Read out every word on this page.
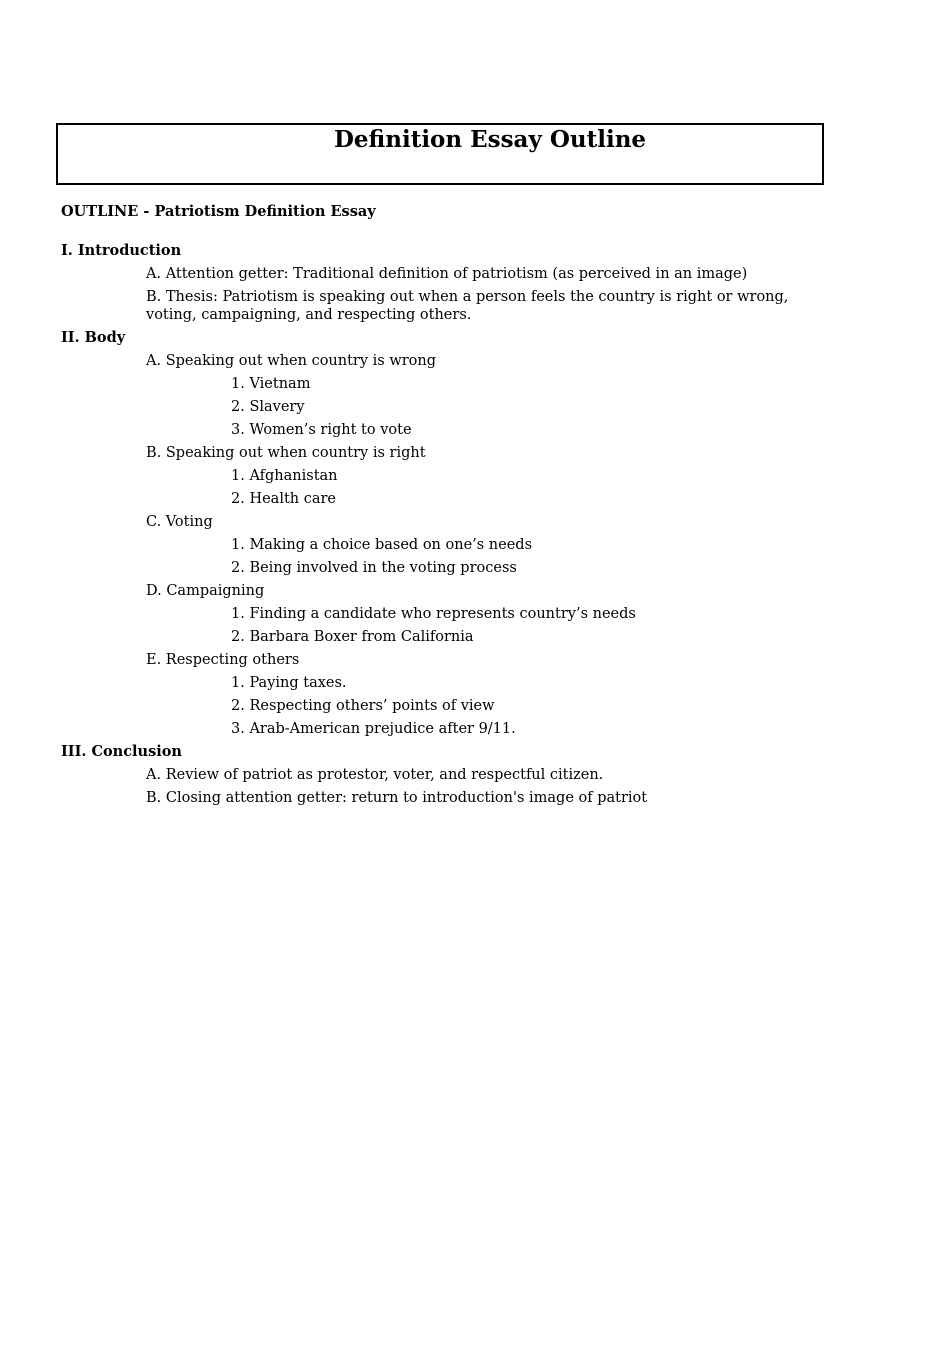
Definition Essay Outline
OUTLINE - Patriotism Definition Essay
I. Introduction
A. Attention getter: Traditional definition of patriotism (as perceived in an image)
B. Thesis: Patriotism is speaking out when a person feels the country is right or wrong, voting, campaigning, and respecting others.
II. Body
A. Speaking out when country is wrong
1. Vietnam
2. Slavery
3. Women’s right to vote
B. Speaking out when country is right
1. Afghanistan
2. Health care
C. Voting
1. Making a choice based on one’s needs
2. Being involved in the voting process
D. Campaigning
1. Finding a candidate who represents country’s needs
2. Barbara Boxer from California
E. Respecting others
1. Paying taxes.
2. Respecting others’ points of view
3. Arab-American prejudice after 9/11.
III. Conclusion
A. Review of patriot as protestor, voter, and respectful citizen.
B. Closing attention getter: return to introduction's image of patriot
